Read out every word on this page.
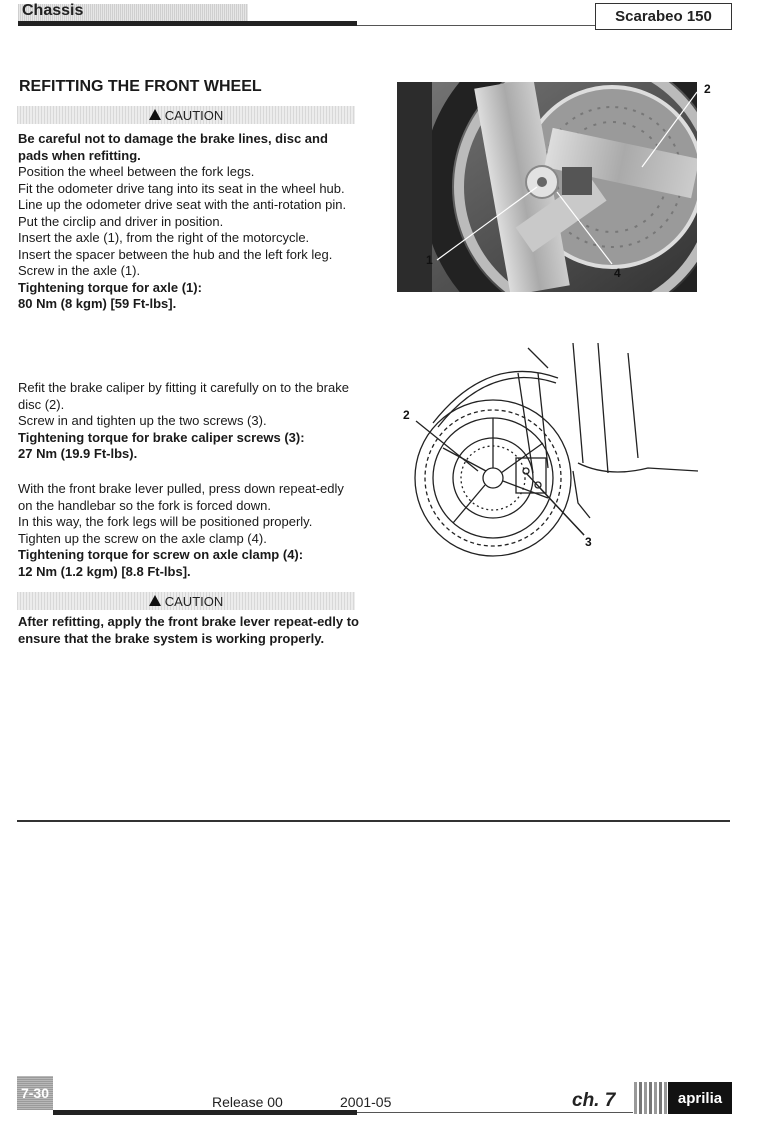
Chassis	Scarabeo 150
REFITTING THE FRONT WHEEL
CAUTION

Be careful not to damage the brake lines, disc and pads when refitting.

Position the wheel between the fork legs.

Fit the odometer drive tang into its seat in the wheel hub.

Line up the odometer drive seat with the anti-rotation pin.

Put the circlip and driver in position.

Insert the axle (1), from the right of the motorcycle.

Insert the spacer between the hub and the left fork leg.

Screw in the axle (1).

Tightening torque for axle (1):

80 Nm (8 kgm) [59 Ft-lbs].

Refit the brake caliper by fitting it carefully on to the brake disc (2).

Screw in and tighten up the two screws (3).

Tightening torque for brake caliper screws (3):

27 Nm (19.9 Ft-lbs).

With the front brake lever pulled, press down repeat-edly on the handlebar so the fork is forced down.

In this way, the fork legs will be positioned properly.

Tighten up the screw on the axle clamp (4).

Tightening torque for screw on axle clamp (4):

12 Nm (1.2 kgm) [8.8 Ft-lbs].

CAUTION

After refitting, apply the front brake lever repeat-edly to ensure that the brake system is working properly.

1
2
4
2
3
7-30
Release 00	2001-05	ch. 7	aprilia
